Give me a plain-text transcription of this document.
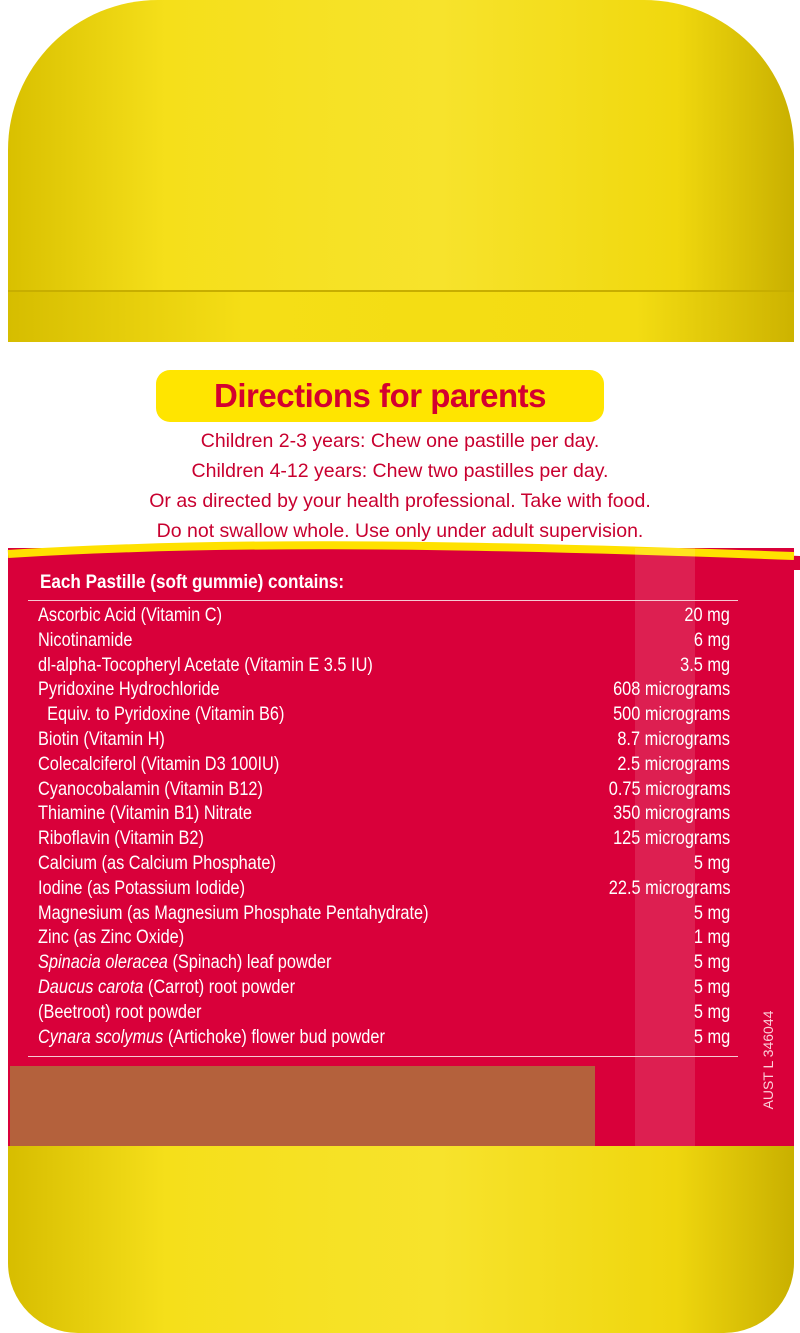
Directions for parents
Children 2-3 years: Chew one pastille per day.
Children 4-12 years: Chew two pastilles per day.
Or as directed by your health professional. Take with food.
Do not swallow whole. Use only under adult supervision.
Each Pastille (soft gummie) contains:
Ascorbic Acid (Vitamin C)	20 mg
Nicotinamide	6 mg
dl-alpha-Tocopheryl Acetate (Vitamin E 3.5 IU)	3.5 mg
Pyridoxine Hydrochloride	608 micrograms
Equiv. to Pyridoxine (Vitamin B6)	500 micrograms
Biotin (Vitamin H)	8.7 micrograms
Colecalciferol (Vitamin D3 100IU)	2.5 micrograms
Cyanocobalamin (Vitamin B12)	0.75 micrograms
Thiamine (Vitamin B1) Nitrate	350 micrograms
Riboflavin (Vitamin B2)	125 micrograms
Calcium (as Calcium Phosphate)	5 mg
Iodine (as Potassium Iodide)	22.5 micrograms
Magnesium (as Magnesium Phosphate Pentahydrate)	5 mg
Zinc (as Zinc Oxide)	1 mg
Spinacia oleracea (Spinach) leaf powder	5 mg
Daucus carota (Carrot) root powder	5 mg
(Beetroot) root powder	5 mg
Cynara scolymus (Artichoke) flower bud powder	5 mg AUST L 346044
